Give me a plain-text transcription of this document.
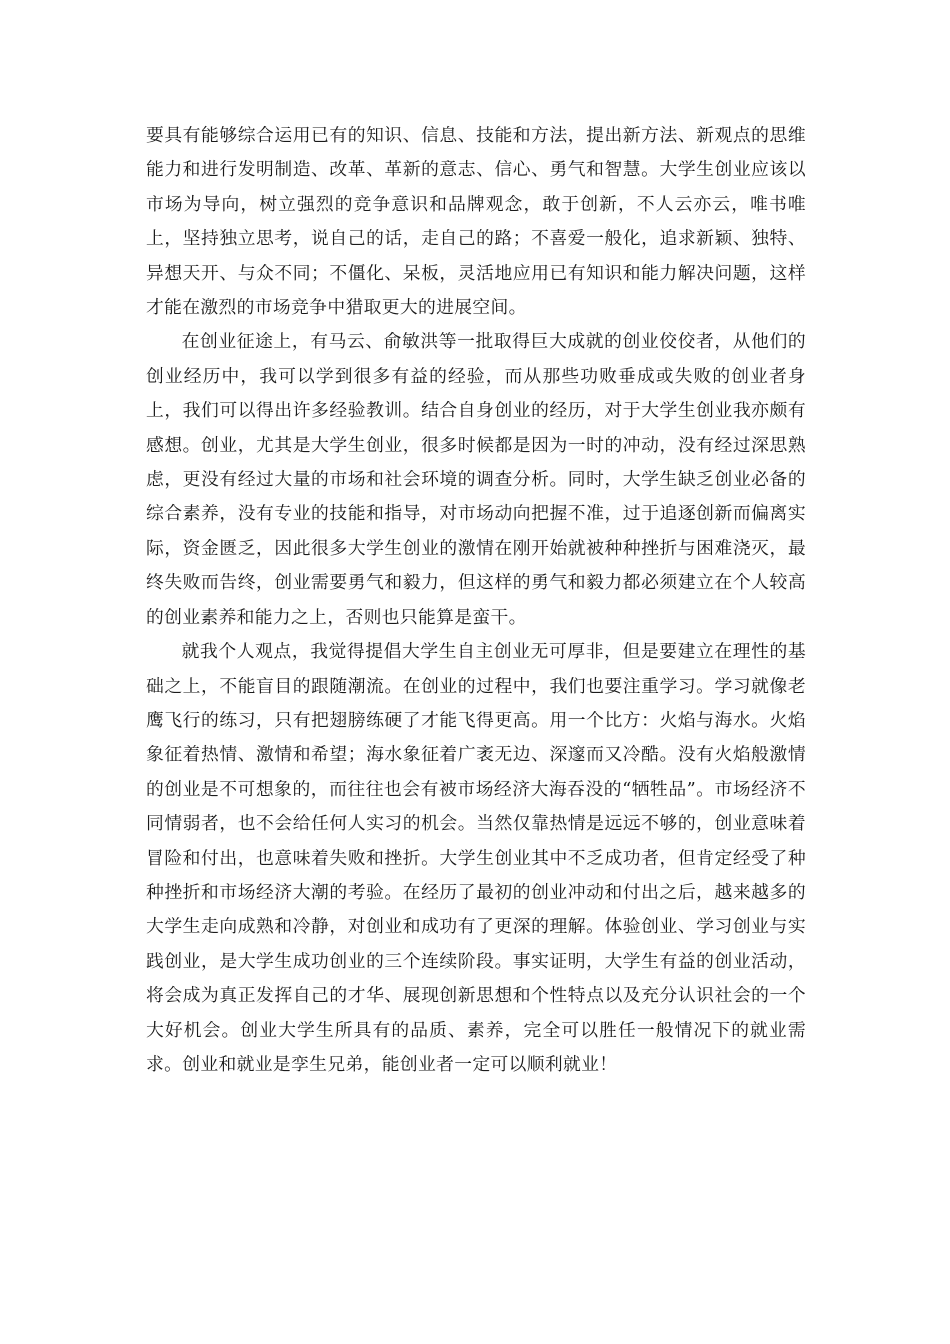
要具有能够综合运用已有的知识、信息、技能和方法，提出新方法、新观点的思维能力和进行发明制造、改革、革新的意志、信心、勇气和智慧。大学生创业应该以市场为导向，树立强烈的竞争意识和品牌观念，敢于创新，不人云亦云，唯书唯上，坚持独立思考，说自己的话，走自己的路；不喜爱一般化，追求新颖、独特、异想天开、与众不同；不僵化、呆板，灵活地应用已有知识和能力解决问题，这样才能在激烈的市场竞争中猎取更大的进展空间。

在创业征途上，有马云、俞敏洪等一批取得巨大成就的创业佼佼者，从他们的创业经历中，我可以学到很多有益的经验，而从那些功败垂成或失败的创业者身上，我们可以得出许多经验教训。结合自身创业的经历，对于大学生创业我亦颇有感想。创业，尤其是大学生创业，很多时候都是因为一时的冲动，没有经过深思熟虑，更没有经过大量的市场和社会环境的调查分析。同时，大学生缺乏创业必备的综合素养，没有专业的技能和指导，对市场动向把握不准，过于追逐创新而偏离实际，资金匮乏，因此很多大学生创业的激情在刚开始就被种种挫折与困难浇灭，最终失败而告终，创业需要勇气和毅力，但这样的勇气和毅力都必须建立在个人较高的创业素养和能力之上，否则也只能算是蛮干。

就我个人观点，我觉得提倡大学生自主创业无可厚非，但是要建立在理性的基础之上，不能盲目的跟随潮流。在创业的过程中，我们也要注重学习。学习就像老鹰飞行的练习，只有把翅膀练硬了才能飞得更高。用一个比方：火焰与海水。火焰象征着热情、激情和希望；海水象征着广袤无边、深邃而又冷酷。没有火焰般激情的创业是不可想象的，而往往也会有被市场经济大海吞没的“牺牲品”。市场经济不同情弱者，也不会给任何人实习的机会。当然仅靠热情是远远不够的，创业意味着冒险和付出，也意味着失败和挫折。大学生创业其中不乏成功者，但肯定经受了种种挫折和市场经济大潮的考验。在经历了最初的创业冲动和付出之后，越来越多的大学生走向成熟和冷静，对创业和成功有了更深的理解。体验创业、学习创业与实践创业，是大学生成功创业的三个连续阶段。事实证明，大学生有益的创业活动，将会成为真正发挥自己的才华、展现创新思想和个性特点以及充分认识社会的一个大好机会。创业大学生所具有的品质、素养，完全可以胜任一般情况下的就业需求。创业和就业是孪生兄弟，能创业者一定可以顺利就业！
